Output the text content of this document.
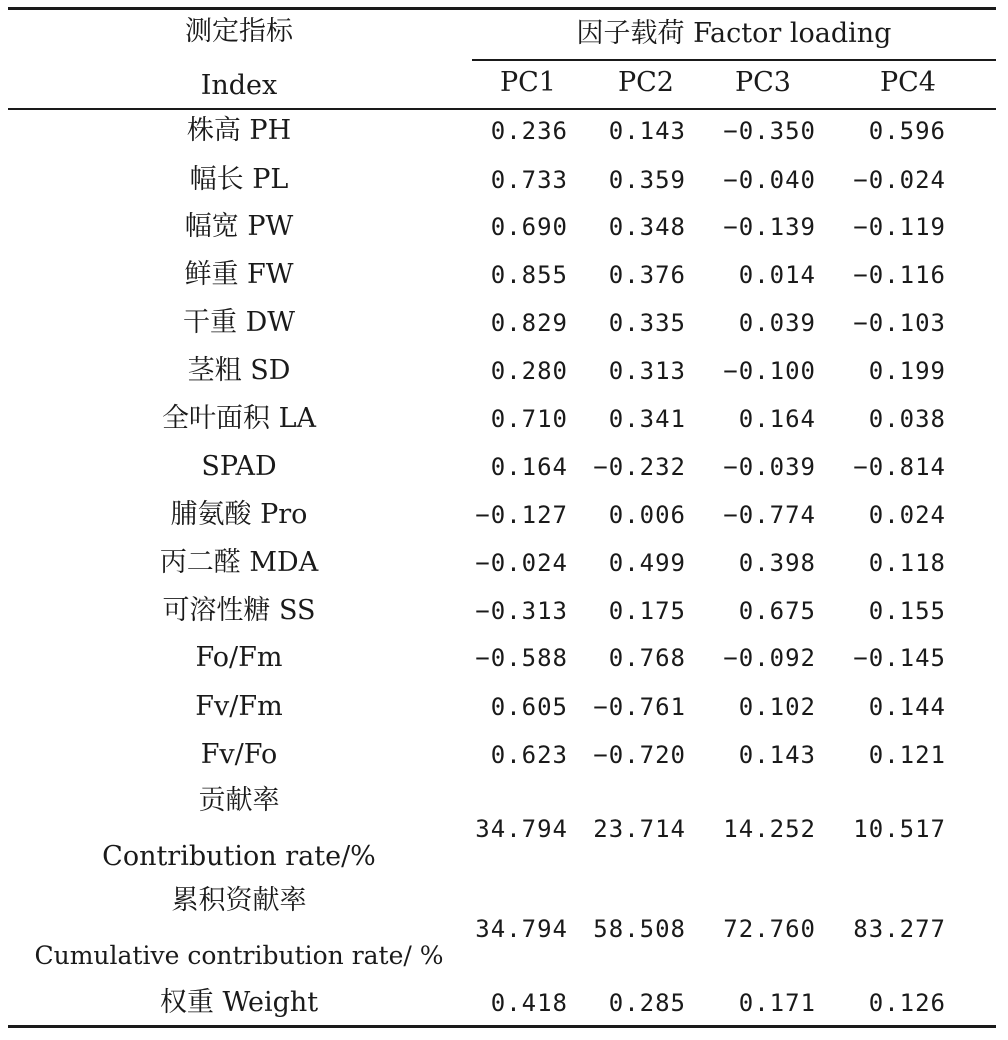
测定指标
Index
因子载荷 Factor loading
PC1	PC2	PC3	PC4
株高 PH	0.236	0.143	−0.350	0.596
幅长 PL	0.733	0.359	−0.040	−0.024
幅宽 PW	0.690	0.348	−0.139	−0.119
鲜重 FW	0.855	0.376	0.014	−0.116
干重 DW	0.829	0.335	0.039	−0.103
茎粗 SD	0.280	0.313	−0.100	0.199
全叶面积 LA	0.710	0.341	0.164	0.038
SPAD	0.164	−0.232	−0.039	−0.814
脯氨酸 Pro	−0.127	0.006	−0.774	0.024
丙二醛 MDA	−0.024	0.499	0.398	0.118
可溶性糖 SS	−0.313	0.175	0.675	0.155
Fo/Fm	−0.588	0.768	−0.092	−0.145
Fv/Fm	0.605	−0.761	0.102	0.144
Fv/Fo	0.623	−0.720	0.143	0.121
贡献率
Contribution rate/%
34.794	23.714	14.252	10.517
累积资献率
Cumulative contribution rate/ %
34.794	58.508	72.760	83.277
权重 Weight	0.418	0.285	0.171	0.126
